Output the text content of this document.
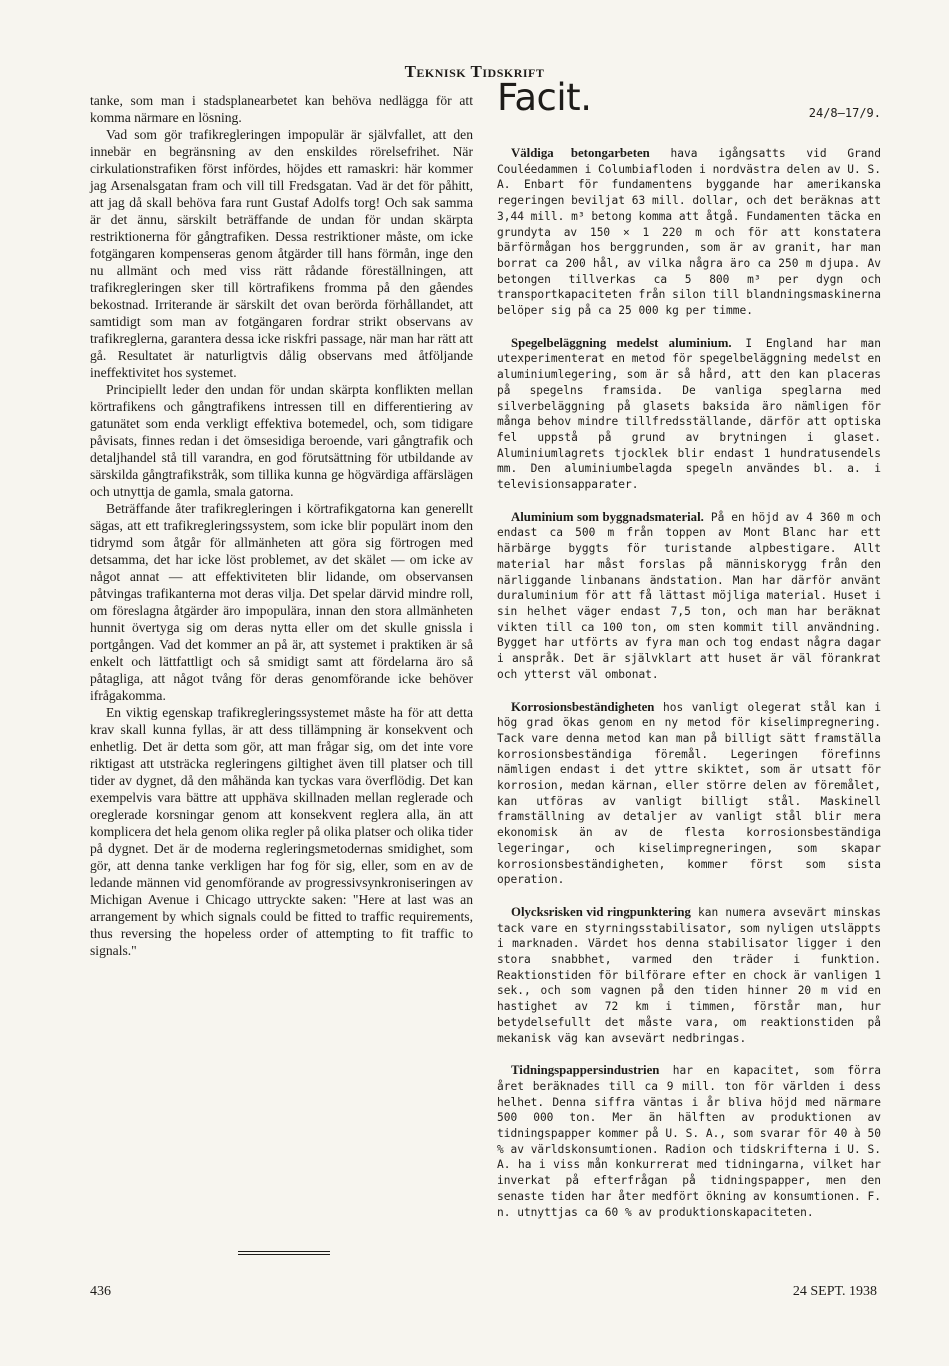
Teknisk Tidskrift

tanke, som man i stadsplanearbetet kan behöva nedlägga för att komma närmare en lösning.

Vad som gör trafikregleringen impopulär är självfallet, att den innebär en begränsning av den enskildes rörelsefrihet. När cirkulationstrafiken först infördes, höjdes ett ramaskri: här kommer jag Arsenalsgatan fram och vill till Fredsgatan. Vad är det för påhitt, att jag då skall behöva fara runt Gustaf Adolfs torg! Och sak samma är det ännu, särskilt beträffande de undan för undan skärpta restriktionerna för gångtrafiken. Dessa restriktioner måste, om icke fotgängaren kompenseras genom åtgärder till hans förmån, inge den nu allmänt och med viss rätt rådande föreställningen, att trafikregleringen sker till körtrafikens fromma på den gåendes bekostnad. Irriterande är särskilt det ovan berörda förhållandet, att samtidigt som man av fotgängaren fordrar strikt observans av trafikreglerna, garantera dessa icke riskfri passage, när man har rätt att gå. Resultatet är naturligtvis dålig observans med åtföljande ineffektivitet hos systemet.

Principiellt leder den undan för undan skärpta konflikten mellan körtrafikens och gångtrafikens intressen till en differentiering av gatunätet som enda verkligt effektiva botemedel, och, som tidigare påvisats, finnes redan i det ömsesidiga beroende, vari gångtrafik och detaljhandel stå till varandra, en god förutsättning för utbildande av särskilda gångtrafikstråk, som tillika kunna ge högvärdiga affärslägen och utnyttja de gamla, smala gatorna.

Beträffande åter trafikregleringen i körtrafikgatorna kan generellt sägas, att ett trafikregleringssystem, som icke blir populärt inom den tidrymd som åtgår för allmänheten att göra sig förtrogen med detsamma, det har icke löst problemet, av det skälet — om icke av något annat — att effektiviteten blir lidande, om observansen påtvingas trafikanterna mot deras vilja. Det spelar därvid mindre roll, om föreslagna åtgärder äro impopulära, innan den stora allmänheten hunnit övertyga sig om deras nytta eller om det skulle gnissla i portgången. Vad det kommer an på är, att systemet i praktiken är så enkelt och lättfattligt och så smidigt samt att fördelarna äro så påtagliga, att något tvång för deras genomförande icke behöver ifrågakomma.

En viktig egenskap trafikregleringssystemet måste ha för att detta krav skall kunna fyllas, är att dess tillämpning är konsekvent och enhetlig. Det är detta som gör, att man frågar sig, om det inte vore riktigast att utsträcka regleringens giltighet även till platser och till tider av dygnet, då den måhända kan tyckas vara överflödig. Det kan exempelvis vara bättre att upphäva skillnaden mellan reglerade och oreglerade korsningar genom att konsekvent reglera alla, än att komplicera det hela genom olika regler på olika platser och olika tider på dygnet. Det är de moderna regleringsmetodernas smidighet, som gör, att denna tanke verkligen har fog för sig, eller, som en av de ledande männen vid genomförande av progressivsynkroniseringen av Michigan Avenue i Chicago uttryckte saken: "Here at last was an arrangement by which signals could be fitted to traffic requirements, thus reversing the hopeless order of attempting to fit traffic to signals."

Facit.	24/8—17/9.

Väldiga betongarbeten hava igångsatts vid Grand Couléedammen i Columbiafloden i nordvästra delen av U. S. A. Enbart för fundamentens byggande har amerikanska regeringen beviljat 63 mill. dollar, och det beräknas att 3,44 mill. m³ betong komma att åtgå. Fundamenten täcka en grundyta av 150 × 1 220 m och för att konstatera bärförmågan hos berggrunden, som är av granit, har man borrat ca 200 hål, av vilka några äro ca 250 m djupa. Av betongen tillverkas ca 5 800 m³ per dygn och transportkapaciteten från silon till blandningsmaskinerna belöper sig på ca 25 000 kg per timme.

Spegelbeläggning medelst aluminium. I England har man utexperimenterat en metod för spegelbeläggning medelst en aluminiumlegering, som är så hård, att den kan placeras på spegelns framsida. De vanliga speglarna med silverbeläggning på glasets baksida äro nämligen för många behov mindre tillfredsställande, därför att optiska fel uppstå på grund av brytningen i glaset. Aluminiumlagrets tjocklek blir endast 1 hundratusendels mm. Den aluminiumbelagda spegeln användes bl. a. i televisionsapparater.

Aluminium som byggnadsmaterial. På en höjd av 4 360 m och endast ca 500 m från toppen av Mont Blanc har ett härbärge byggts för turistande alpbestigare. Allt material har måst forslas på människorygg från den närliggande linbanans ändstation. Man har därför använt duraluminium för att få lättast möjliga material. Huset i sin helhet väger endast 7,5 ton, och man har beräknat vikten till ca 100 ton, om sten kommit till användning. Bygget har utförts av fyra man och tog endast några dagar i anspråk. Det är självklart att huset är väl förankrat och ytterst väl ombonat.

Korrosionsbeständigheten hos vanligt olegerat stål kan i hög grad ökas genom en ny metod för kiselimpregnering. Tack vare denna metod kan man på billigt sätt framställa korrosionsbeständiga föremål. Legeringen förefinns nämligen endast i det yttre skiktet, som är utsatt för korrosion, medan kärnan, eller större delen av föremålet, kan utföras av vanligt billigt stål. Maskinell framställning av detaljer av vanligt stål blir mera ekonomisk än av de flesta korrosionsbeständiga legeringar, och kiselimpregneringen, som skapar korrosionsbeständigheten, kommer först som sista operation.

Olycksrisken vid ringpunktering kan numera avsevärt minskas tack vare en styrningsstabilisator, som nyligen utsläppts i marknaden. Värdet hos denna stabilisator ligger i den stora snabbhet, varmed den träder i funktion. Reaktionstiden för bilförare efter en chock är vanligen 1 sek., och som vagnen på den tiden hinner 20 m vid en hastighet av 72 km i timmen, förstår man, hur betydelsefullt det måste vara, om reaktionstiden på mekanisk väg kan avsevärt nedbringas.

Tidningspappersindustrien har en kapacitet, som förra året beräknades till ca 9 mill. ton för världen i dess helhet. Denna siffra väntas i år bliva höjd med närmare 500 000 ton. Mer än hälften av produktionen av tidningspapper kommer på U. S. A., som svarar för 40 à 50 % av världskonsumtionen. Radion och tidskrifterna i U. S. A. ha i viss mån konkurrerat med tidningarna, vilket har inverkat på efterfrågan på tidningspapper, men den senaste tiden har åter medfört ökning av konsumtionen. F. n. utnyttjas ca 60 % av produktionskapaciteten.

436	24 SEPT. 1938
